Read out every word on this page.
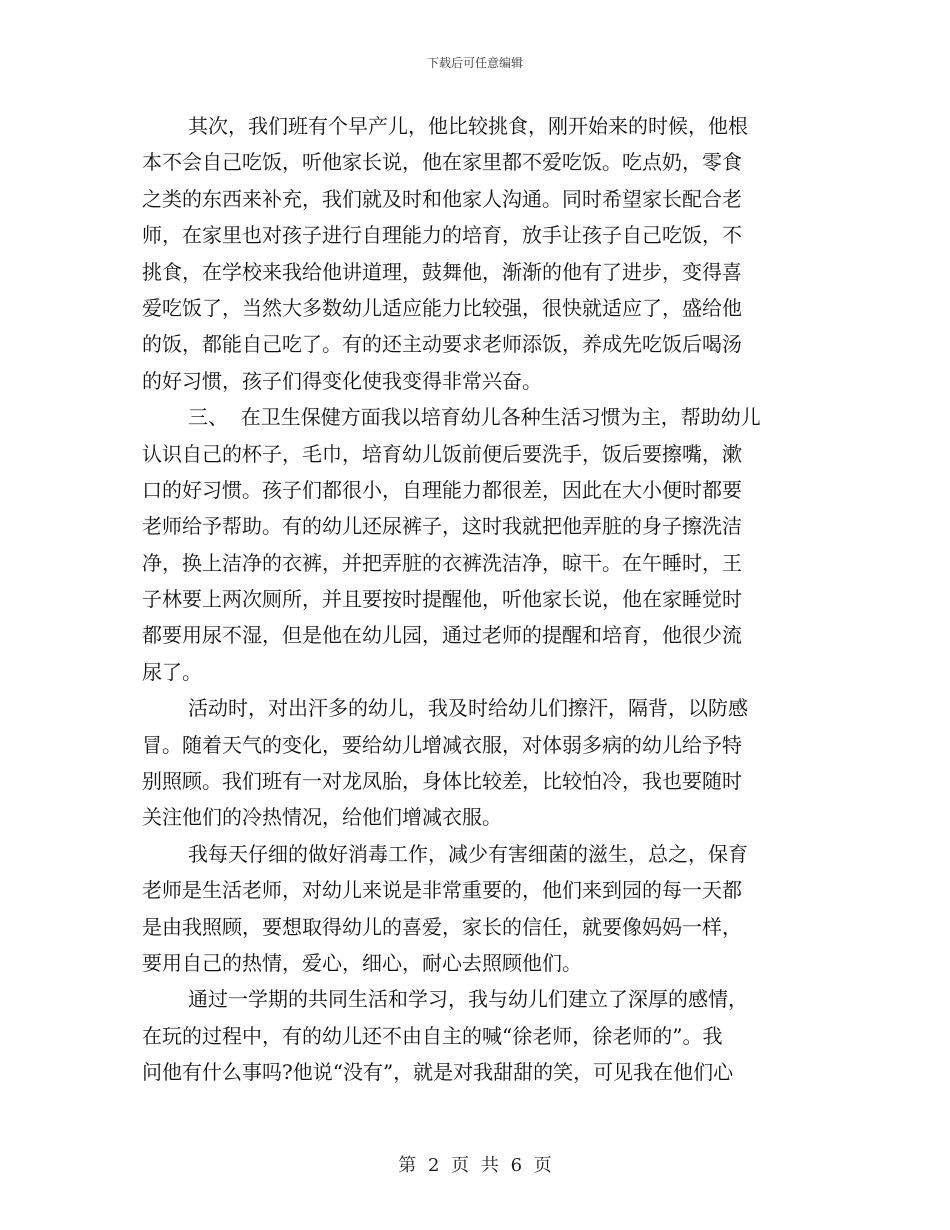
下载后可任意编辑
其次，我们班有个早产儿，他比较挑食，刚开始来的时候，他根
本不会自己吃饭，听他家长说，他在家里都不爱吃饭。吃点奶，零食
之类的东西来补充，我们就及时和他家人沟通。同时希望家长配合老
师，在家里也对孩子进行自理能力的培育，放手让孩子自己吃饭，不
挑食，在学校来我给他讲道理，鼓舞他，渐渐的他有了进步，变得喜
爱吃饭了，当然大多数幼儿适应能力比较强，很快就适应了，盛给他
的饭，都能自己吃了。有的还主动要求老师添饭，养成先吃饭后喝汤
的好习惯，孩子们得变化使我变得非常兴奋。
三、  在卫生保健方面我以培育幼儿各种生活习惯为主，帮助幼儿
认识自己的杯子，毛巾，培育幼儿饭前便后要洗手，饭后要擦嘴，漱
口的好习惯。孩子们都很小，自理能力都很差，因此在大小便时都要
老师给予帮助。有的幼儿还尿裤子，这时我就把他弄脏的身子擦洗洁
净，换上洁净的衣裤，并把弄脏的衣裤洗洁净，晾干。在午睡时，王
子林要上两次厕所，并且要按时提醒他，听他家长说，他在家睡觉时
都要用尿不湿，但是他在幼儿园，通过老师的提醒和培育，他很少流
尿了。
活动时，对出汗多的幼儿，我及时给幼儿们擦汗，隔背，以防感
冒。随着天气的变化，要给幼儿增减衣服，对体弱多病的幼儿给予特
别照顾。我们班有一对龙凤胎，身体比较差，比较怕冷，我也要随时
关注他们的冷热情况，给他们增减衣服。
我每天仔细的做好消毒工作，减少有害细菌的滋生，总之，保育
老师是生活老师，对幼儿来说是非常重要的，他们来到园的每一天都
是由我照顾，要想取得幼儿的喜爱，家长的信任，就要像妈妈一样，
要用自己的热情，爱心，细心，耐心去照顾他们。
通过一学期的共同生活和学习，我与幼儿们建立了深厚的感情，
在玩的过程中，有的幼儿还不由自主的喊“徐老师，徐老师的”。我
问他有什么事吗?他说“没有”，就是对我甜甜的笑，可见我在他们心
第 2 页 共 6 页
